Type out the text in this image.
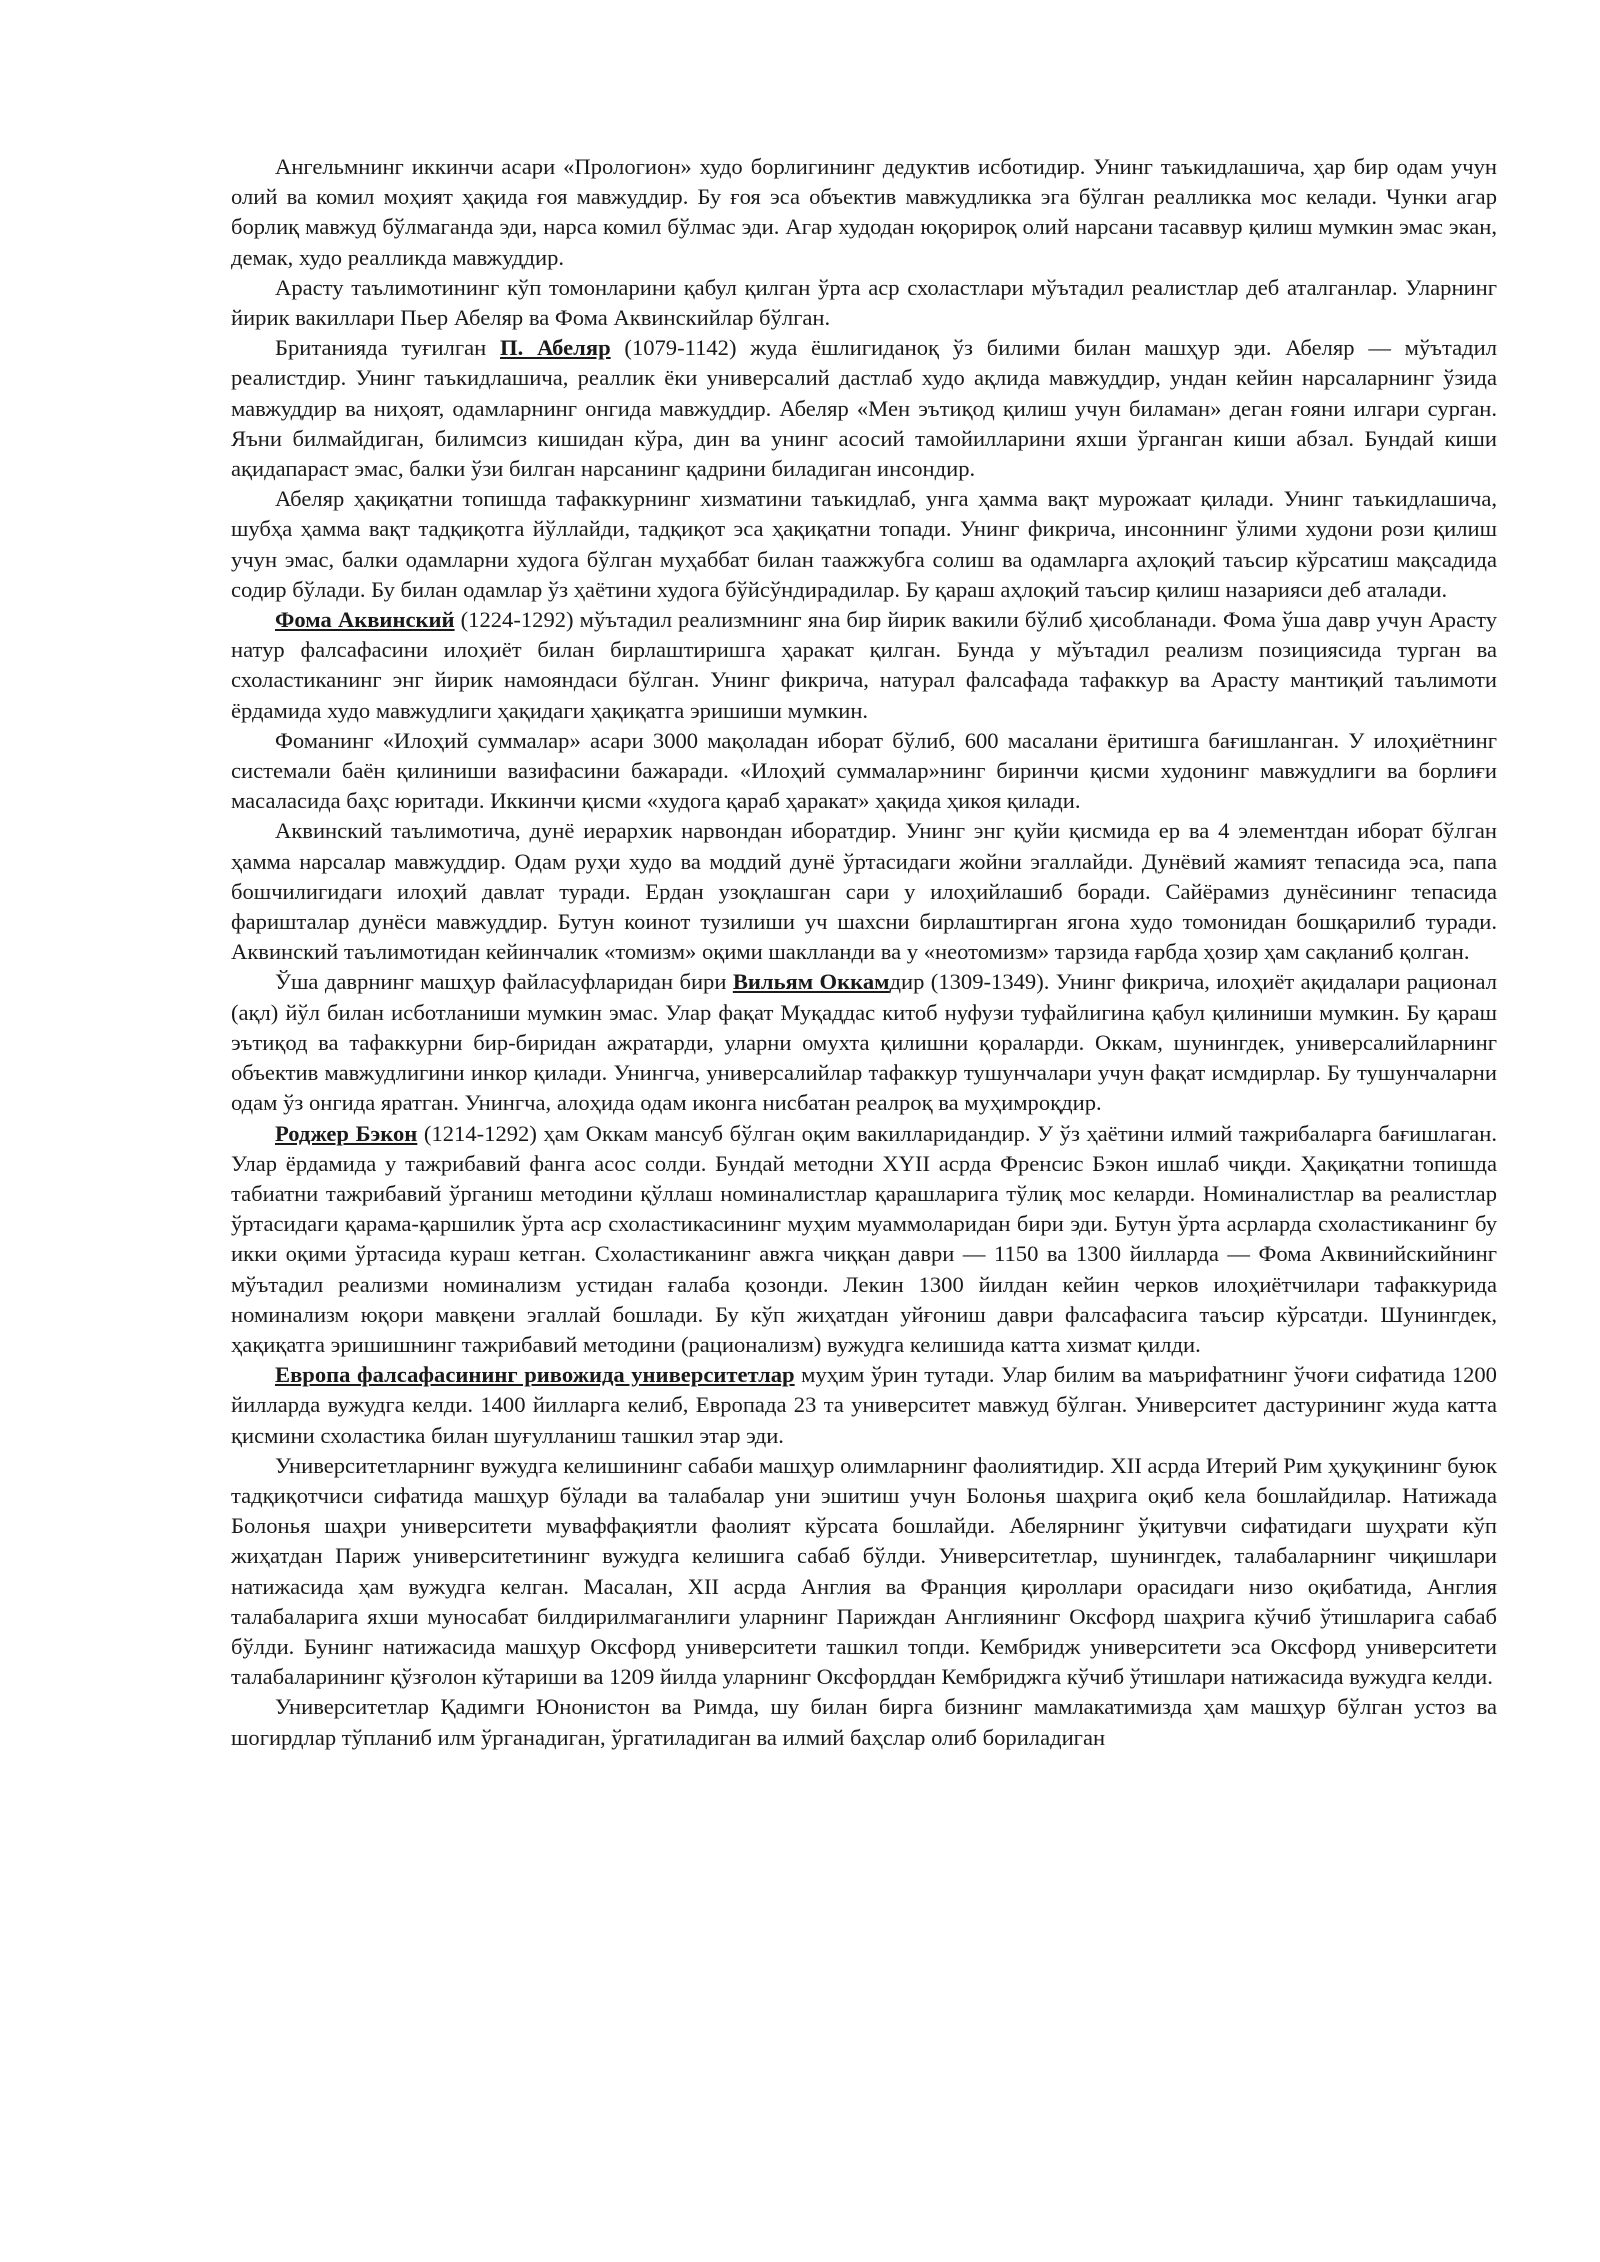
Ангельмнинг иккинчи асари «Прологион» худо борлигининг дедуктив исботидир. Унинг таъкидлашича, ҳар бир одам учун олий ва комил моҳият ҳақида ғоя мавжуддир. Бу ғоя эса объектив мавжудликка эга бўлган реалликка мос келади. Чунки агар борлиқ мавжуд бўлмаганда эди, нарса комил бўлмас эди. Агар худодан юқорироқ олий нарсани тасаввур қилиш мумкин эмас экан, демак, худо реалликда мавжуддир.

Арасту таълимотининг кўп томонларини қабул қилган ўрта аср схоластлари мўътадил реалистлар деб аталганлар. Уларнинг йирик вакиллари Пьер Абеляр ва Фома Аквинскийлар бўлган.

Британияда туғилган П. Абеляр (1079-1142) жуда ёшлигиданоқ ўз билими билан машҳур эди. Абеляр — мўътадил реалистдир. Унинг таъкидлашича, реаллик ёки универсалий дастлаб худо ақлида мавжуддир, ундан кейин нарсаларнинг ўзида мавжуддир ва ниҳоят, одамларнинг онгида мавжуддир. Абеляр «Мен эътиқод қилиш учун биламан» деган ғояни илгари сурган. Яъни билмайдиган, билимсиз кишидан кўра, дин ва унинг асосий тамойилларини яхши ўрганган киши абзал. Бундай киши ақидапараст эмас, балки ўзи билган нарсанинг қадрини биладиган инсондир.

Абеляр ҳақиқатни топишда тафаккурнинг хизматини таъкидлаб, унга ҳамма вақт мурожаат қилади. Унинг таъкидлашича, шубҳа ҳамма вақт тадқиқотга йўллайди, тадқиқот эса ҳақиқатни топади. Унинг фикрича, инсоннинг ўлими худони рози қилиш учун эмас, балки одамларни худога бўлган муҳаббат билан таажжубга солиш ва одамларга аҳлоқий таъсир кўрсатиш мақсадида содир бўлади. Бу билан одамлар ўз ҳаётини худога бўйсўндирадилар. Бу қараш аҳлоқий таъсир қилиш назарияси деб аталади.

Фома Аквинский (1224-1292) мўътадил реализмнинг яна бир йирик вакили бўлиб ҳисобланади. Фома ўша давр учун Арасту натур фалсафасини илоҳиёт билан бирлаштиришга ҳаракат қилган. Бунда у мўътадил реализм позициясида турган ва схоластиканинг энг йирик намояндаси бўлган. Унинг фикрича, натурал фалсафада тафаккур ва Арасту мантиқий таълимоти ёрдамида худо мавжудлиги ҳақидаги ҳақиқатга эришиши мумкин.

Фоманинг «Илоҳий суммалар» асари 3000 мақоладан иборат бўлиб, 600 масалани ёритишга бағишланган. У илоҳиётнинг системали баён қилиниши вазифасини бажаради. «Илоҳий суммалар»нинг биринчи қисми худонинг мавжудлиги ва борлиғи масаласида баҳс юритади. Иккинчи қисми «худога қараб ҳаракат» ҳақида ҳикоя қилади.

Аквинский таълимотича, дунё иерархик нарвондан иборатдир. Унинг энг қуйи қисмида ер ва 4 элементдан иборат бўлган ҳамма нарсалар мавжуддир. Одам руҳи худо ва моддий дунё ўртасидаги жойни эгаллайди. Дунёвий жамият тепасида эса, папа бошчилигидаги илоҳий давлат туради. Ердан узоқлашган сари у илоҳийлашиб боради. Сайёрамиз дунёсининг тепасида фаришталар дунёси мавжуддир. Бутун коинот тузилиши уч шахсни бирлаштирган ягона худо томонидан бошқарилиб туради. Аквинский таълимотидан кейинчалик «томизм» оқими шаклланди ва у «неотомизм» тарзида ғарбда ҳозир ҳам сақланиб қолган.

Ўша даврнинг машҳур файласуфларидан бири Вильям Оккамдир (1309-1349). Унинг фикрича, илоҳиёт ақидалари рационал (ақл) йўл билан исботланиши мумкин эмас. Улар фақат Муқаддас китоб нуфузи туфайлигина қабул қилиниши мумкин. Бу қараш эътиқод ва тафаккурни бир-биридан ажратарди, уларни омухта қилишни қораларди. Оккам, шунингдек, универсалийларнинг объектив мавжудлигини инкор қилади. Унингча, универсалийлар тафаккур тушунчалари учун фақат исмдирлар. Бу тушунчаларни одам ўз онгида яратган. Унингча, алоҳида одам иконга нисбатан реалроқ ва муҳимроқдир.

Роджер Бэкон (1214-1292) ҳам Оккам мансуб бўлган оқим вакилларидандир. У ўз ҳаётини илмий тажрибаларга бағишлаган. Улар ёрдамида у тажрибавий фанга асос солди. Бундай методни XYII асрда Френсис Бэкон ишлаб чиқди. Ҳақиқатни топишда табиатни тажрибавий ўрганиш методини қўллаш номиналистлар қарашларига тўлиқ мос келарди. Номиналистлар ва реалистлар ўртасидаги қарама-қаршилик ўрта аср схоластикасининг муҳим муаммоларидан бири эди. Бутун ўрта асрларда схоластиканинг бу икки оқими ўртасида кураш кетган. Схоластиканинг авжга чиққан даври — 1150 ва 1300 йилларда — Фома Аквинийскийнинг мўътадил реализми номинализм устидан ғалаба қозонди. Лекин 1300 йилдан кейин черков илоҳиётчилари тафаккурида номинализм юқори мавқени эгаллай бошлади. Бу кўп жиҳатдан уйғониш даври фалсафасига таъсир кўрсатди. Шунингдек, ҳақиқатга эришишнинг тажрибавий методини (рационализм) вужудга келишида катта хизмат қилди.

Европа фалсафасининг ривожида университетлар муҳим ўрин тутади. Улар билим ва маърифатнинг ўчоғи сифатида 1200 йилларда вужудга келди. 1400 йилларга келиб, Европада 23 та университет мавжуд бўлган. Университет дастурининг жуда катта қисмини схоластика билан шуғулланиш ташкил этар эди.

Университетларнинг вужудга келишининг сабаби машҳур олимларнинг фаолиятидир. XII асрда Итерий Рим ҳуқуқининг буюк тадқиқотчиси сифатида машҳур бўлади ва талабалар уни эшитиш учун Болонья шаҳрига оқиб кела бошлайдилар. Натижада Болонья шаҳри университети муваффақиятли фаолият кўрсата бошлайди. Абелярнинг ўқитувчи сифатидаги шуҳрати кўп жиҳатдан Париж университетининг вужудга келишига сабаб бўлди. Университетлар, шунингдек, талабаларнинг чиқишлари натижасида ҳам вужудга келган. Масалан, XII асрда Англия ва Франция қироллари орасидаги низо оқибатида, Англия талабаларига яхши муносабат билдирилмаганлиги уларнинг Париждан Англиянинг Оксфорд шаҳрига кўчиб ўтишларига сабаб бўлди. Бунинг натижасида машҳур Оксфорд университети ташкил топди. Кембридж университети эса Оксфорд университети талабаларининг қўзғолон кўтариши ва 1209 йилда уларнинг Оксфорддан Кембриджга кўчиб ўтишлари натижасида вужудга келди.

Университетлар Қадимги Юнонистон ва Римда, шу билан бирга бизнинг мамлакатимизда ҳам машҳур бўлган устоз ва шогирдлар тўпланиб илм ўрганадиган, ўргатиладиган ва илмий баҳслар олиб бориладиган
